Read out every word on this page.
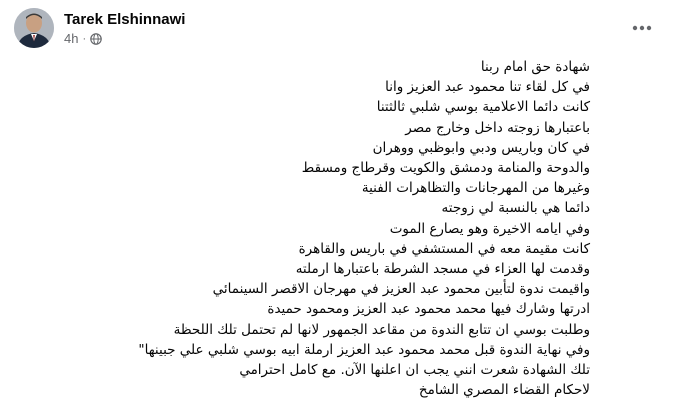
Tarek Elshinnawi
4h ·
شهادة حق امام ربنا
في كل لقاء تنا محمود عبد العزيز وانا
كانت دائما الاعلامية بوسي شلبي ثالثتنا
باعتبارها زوجته داخل وخارج مصر
في كان وباريس ودبي وابوظبي ووهران
والدوحة والمنامة ودمشق والكويت وقرطاج ومسقط
وغيرها من المهرجانات والتظاهرات الفنية
دائما هي بالنسبة لي زوجته
وفي ايامه الاخيرة وهو يصارع الموت
كانت مقيمة معه في المستشفي في باريس والقاهرة
وقدمت لها العزاء في مسجد الشرطة باعتبارها ارملته
واقيمت ندوة لتأبين محمود عبد العزيز في مهرجان الاقصر السينمائي
ادرتها وشارك فيها محمد محمود عبد العزيز ومحمود حميدة
وطلبت بوسي ان تتابع الندوة من مقاعد الجمهور لانها لم تحتمل تلك اللحظة
وفي نهاية الندوة قبل محمد محمود عبد العزيز ارملة ابيه بوسي شلبي علي جبينها"
تلك الشهادة شعرت انني يجب ان اعلنها الآن. مع كامل احترامي
لاحكام القضاء المصري الشامخ
